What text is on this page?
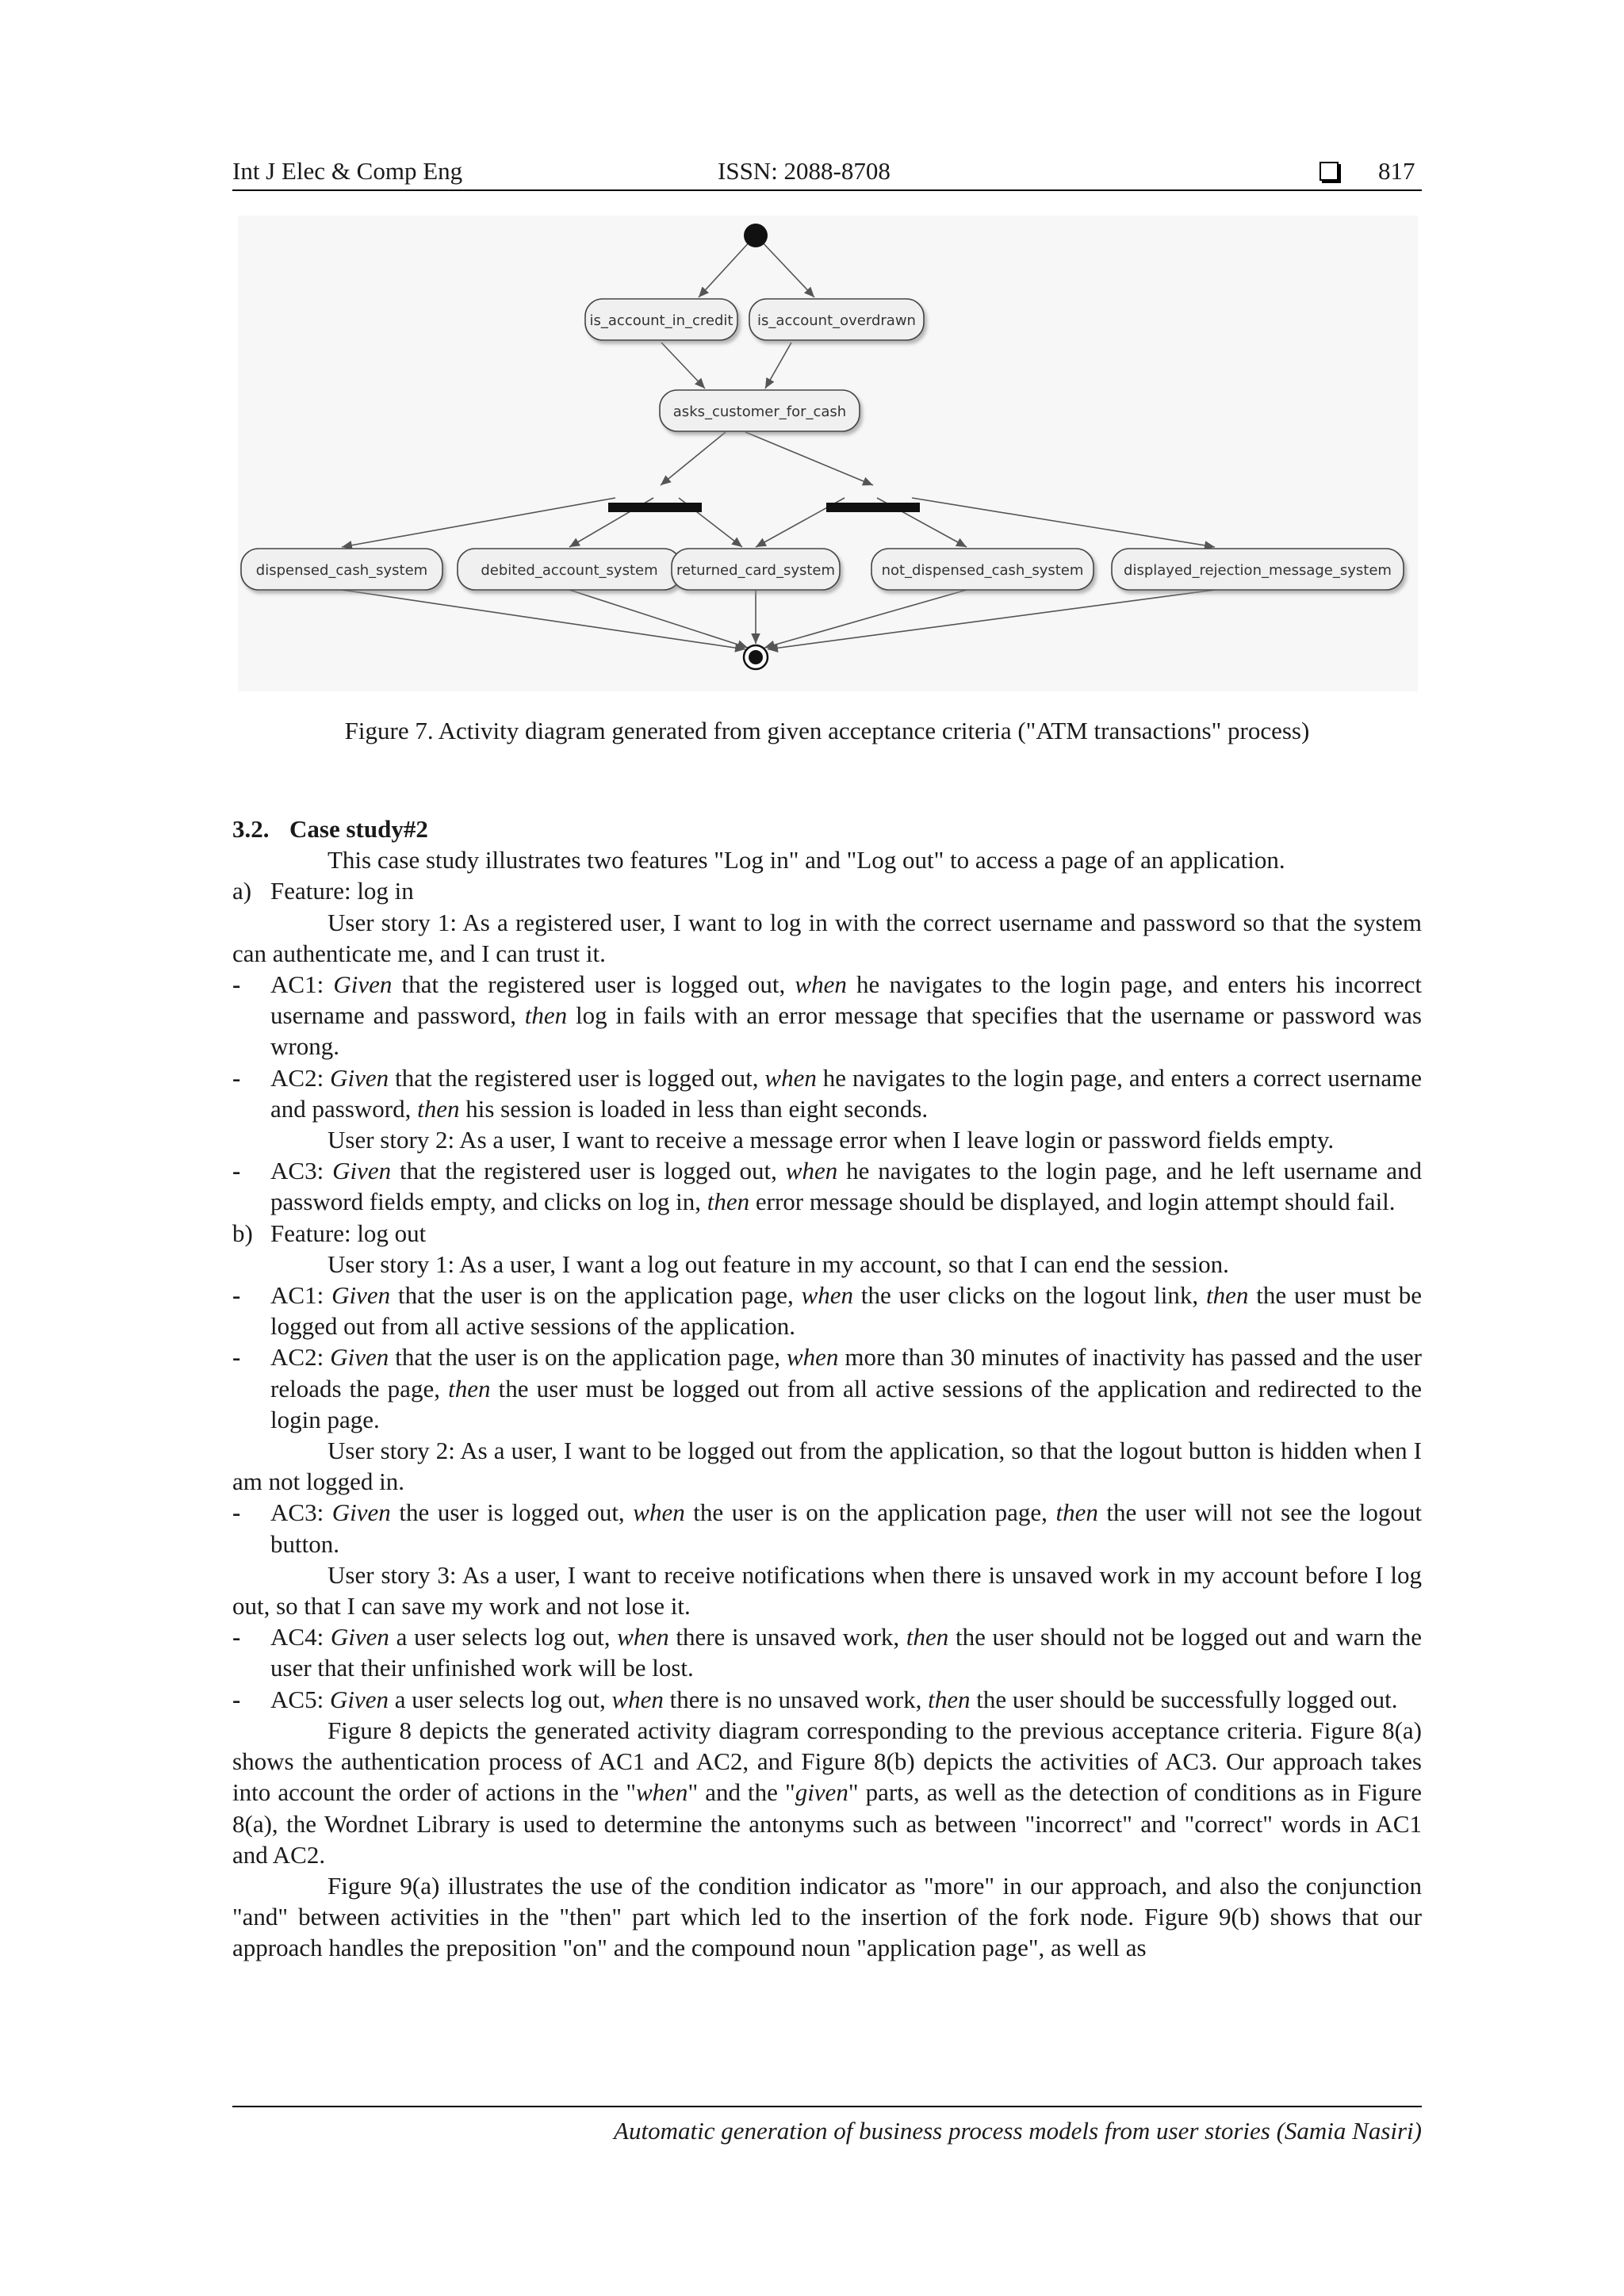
Int J Elec & Comp Eng	ISSN: 2088-8708	817
is_account_in_credit is_account_overdrawn
asks_customer_for_cash
dispensed_cash_system	debited_account_system returned_card_system	not_dispensed_cash_system	displayed_rejection_message_system
Figure 7. Activity diagram generated from given acceptance criteria ("ATM transactions" process)

3.2. Case study#2

This case study illustrates two features "Log in" and "Log out" to access a page of an application.

a) Feature: log in

User story 1: As a registered user, I want to log in with the correct username and password so that the system can authenticate me, and I can trust it.

- AC1: Given that the registered user is logged out, when he navigates to the login page, and enters his incorrect username and password, then log in fails with an error message that specifies that the username or password was wrong.

- AC2: Given that the registered user is logged out, when he navigates to the login page, and enters a correct username and password, then his session is loaded in less than eight seconds.

User story 2: As a user, I want to receive a message error when I leave login or password fields empty.

- AC3: Given that the registered user is logged out, when he navigates to the login page, and he left username and password fields empty, and clicks on log in, then error message should be displayed, and login attempt should fail.

b) Feature: log out

User story 1: As a user, I want a log out feature in my account, so that I can end the session.

- AC1: Given that the user is on the application page, when the user clicks on the logout link, then the user must be logged out from all active sessions of the application.

- AC2: Given that the user is on the application page, when more than 30 minutes of inactivity has passed and the user reloads the page, then the user must be logged out from all active sessions of the application and redirected to the login page.

User story 2: As a user, I want to be logged out from the application, so that the logout button is hidden when I am not logged in.

- AC3: Given the user is logged out, when the user is on the application page, then the user will not see the logout button.

User story 3: As a user, I want to receive notifications when there is unsaved work in my account before I log out, so that I can save my work and not lose it.

- AC4: Given a user selects log out, when there is unsaved work, then the user should not be logged out and warn the user that their unfinished work will be lost.

- AC5: Given a user selects log out, when there is no unsaved work, then the user should be successfully logged out.

Figure 8 depicts the generated activity diagram corresponding to the previous acceptance criteria. Figure 8(a) shows the authentication process of AC1 and AC2, and Figure 8(b) depicts the activities of AC3. Our approach takes into account the order of actions in the "when" and the "given" parts, as well as the detection of conditions as in Figure 8(a), the Wordnet Library is used to determine the antonyms such as between "incorrect" and "correct" words in AC1 and AC2.

Figure 9(a) illustrates the use of the condition indicator as "more" in our approach, and also the conjunction "and" between activities in the "then" part which led to the insertion of the fork node. Figure 9(b) shows that our approach handles the preposition "on" and the compound noun "application page", as well as

Automatic generation of business process models from user stories (Samia Nasiri)
